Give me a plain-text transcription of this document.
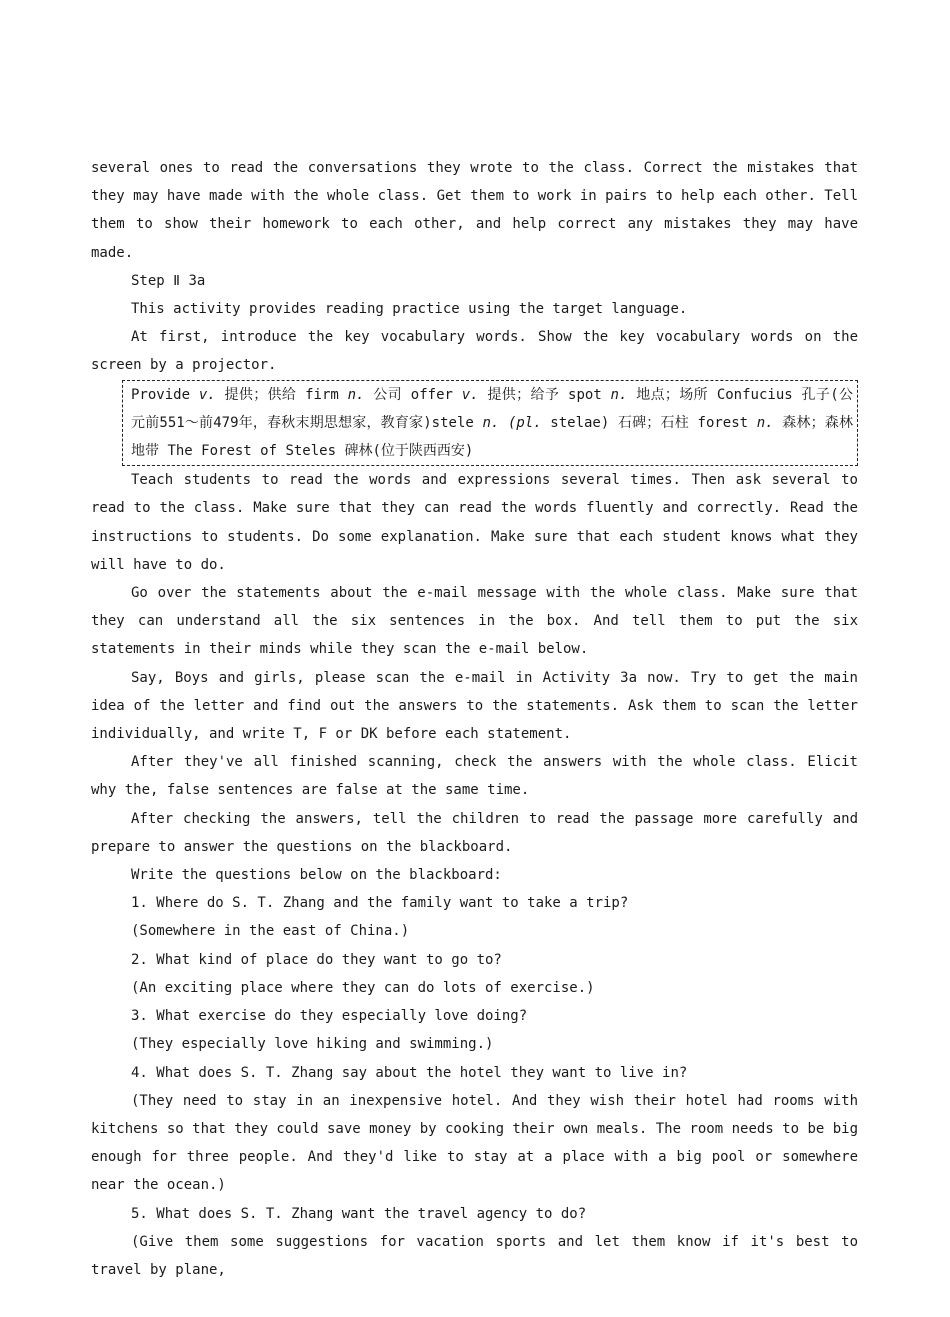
several ones to read the conversations they wrote to the class. Correct the mistakes that they may have made with the whole class. Get them to work in pairs to help each other. Tell them to show their homework to each other, and help correct any mistakes they may have made.

Step Ⅱ 3a

This activity provides reading practice using the target language.

At first, introduce the key vocabulary words. Show the key vocabulary words on the screen by a projector.

Provide v. 提供；供给 firm n. 公司 offer v. 提供；给予 spot n. 地点；场所 Confucius 孔子(公元前551～前479年，春秋末期思想家，教育家)stele n. (pl. stelae) 石碑；石柱 forest n. 森林；森林地带 The Forest of Steles 碑林(位于陕西西安)

Teach students to read the words and expressions several times. Then ask several to read to the class. Make sure that they can read the words fluently and correctly. Read the instructions to students. Do some explanation. Make sure that each student knows what they will have to do.

Go over the statements about the e-mail message with the whole class. Make sure that they can understand all the six sentences in the box. And tell them to put the six statements in their minds while they scan the e-mail below.

Say, Boys and girls, please scan the e-mail in Activity 3a now. Try to get the main idea of the letter and find out the answers to the statements. Ask them to scan the letter individually, and write T, F or DK before each statement.

After they've all finished scanning, check the answers with the whole class. Elicit why the, false sentences are false at the same time.

After checking the answers, tell the children to read the passage more carefully and prepare to answer the questions on the blackboard.

Write the questions below on the blackboard:

1. Where do S. T. Zhang and the family want to take a trip?

(Somewhere in the east of China.)

2. What kind of place do they want to go to?

(An exciting place where they can do lots of exercise.)

3. What exercise do they especially love doing?

(They especially love hiking and swimming.)

4. What does S. T. Zhang say about the hotel they want to live in?

(They need to stay in an inexpensive hotel. And they wish their hotel had rooms with kitchens so that they could save money by cooking their own meals. The room needs to be big enough for three people. And they'd like to stay at a place with a big pool or somewhere near the ocean.)

5. What does S. T. Zhang want the travel agency to do?

(Give them some suggestions for vacation sports and let them know if it's best to travel by plane,
